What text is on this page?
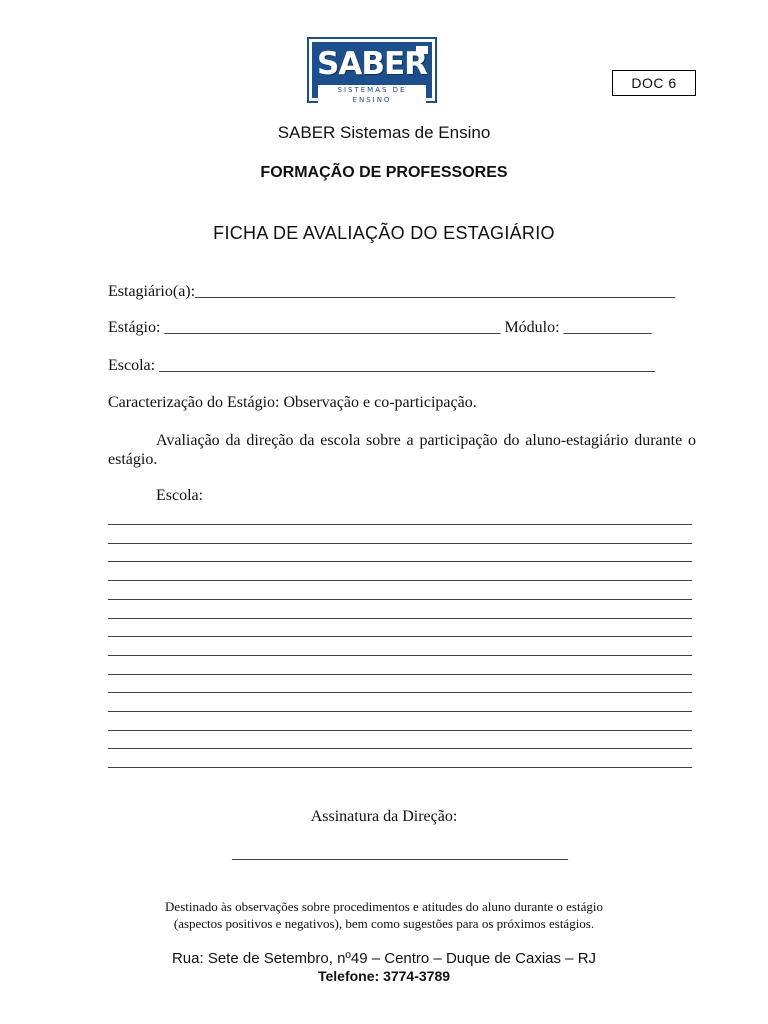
SABER
SISTEMAS DE ENSINO
DOC 6
SABER Sistemas de Ensino
FORMAÇÃO DE PROFESSORES
FICHA DE AVALIAÇÃO DO ESTAGIÁRIO
Estagiário(a):____________________________________________________________
Estágio: __________________________________________ Módulo: ___________
Escola: ______________________________________________________________
Caracterização do Estágio: Observação e co-participação.
Avaliação da direção da escola sobre a participação do aluno-estagiário durante o estágio.
Escola:
_________________________________________________________________________
_________________________________________________________________________
_________________________________________________________________________
_________________________________________________________________________
_________________________________________________________________________
_________________________________________________________________________
_________________________________________________________________________
_________________________________________________________________________
_________________________________________________________________________
_________________________________________________________________________
_________________________________________________________________________
_________________________________________________________________________
_________________________________________________________________________
_________________________________________________________________________
Assinatura da Direção:
__________________________________________
Destinado às observações sobre procedimentos e atitudes do aluno durante o estágio
(aspectos positivos e negativos), bem como sugestões para os próximos estágios.
Rua: Sete de Setembro, nº49 – Centro – Duque de Caxias – RJ
Telefone: 3774-3789
